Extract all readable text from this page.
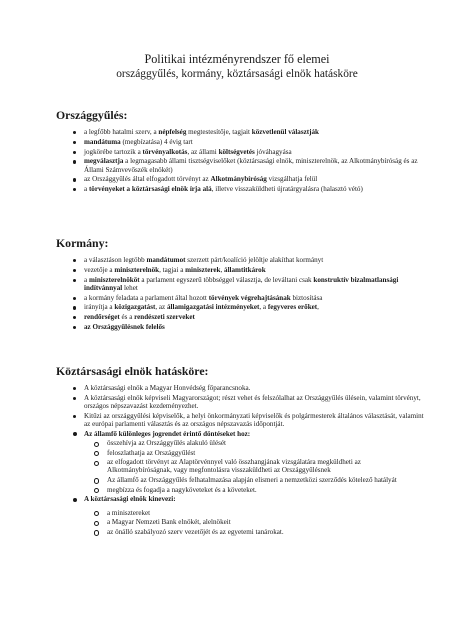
Politikai intézményrendszer fő elemei
országgyűlés, kormány, köztársasági elnök hatásköre
Országgyűlés:
a legfőbb hatalmi szerv, a népfelség megtestesítője, tagjait közvetlenül választják
mandátuma (megbízatása) 4 évig tart
jogkörébe tartozik a törvényalkotás, az állami költségvetés jóváhagyása
megválasztja a legmagasabb állami tisztségviselőket (köztársasági elnök, miniszterelnök, az Alkotmánybíróság és az Állami Számvevőszék elnökét)
az Országgyűlés által elfogadott törvényt az Alkotmánybíróság vizsgálhatja felül
a törvényeket a köztársasági elnök írja alá, illetve visszaküldheti újratárgyalásra (halasztó vétó)
Kormány:
a választáson legtöbb mandátumot szerzett párt/koalíció jelöltje alakíthat kormányt
vezetője a miniszterelnök, tagjai a miniszterek, államtitkárok
a miniszterelnököt a parlament egyszerű többséggel választja, de leváltani csak konstruktív bizalmatlansági indítvánnyal lehet
a kormány feladata a parlament által hozott törvények végrehajtásának biztosítása
irányítja a közigazgatást, az államigazgatási intézményeket, a fegyveres erőket,
rendőrséget és a rendészeti szerveket
az Országgyűlésnek felelős
Köztársasági elnök hatásköre:
A köztársasági elnök a Magyar Honvédség főparancsnoka.
A köztársasági elnök képviseli Magyarországot; részt vehet és felszólalhat az Országgyűlés ülésein, valamint törvényt, országos népszavazást kezdeményezhet.
Kitűzi az országgyűlési képviselők, a helyi önkormányzati képviselők és polgármesterek általános választását, valamint az európai parlamenti választás és az országos népszavazás időpontját.
Az államfő különleges jogrendet érintő döntéseket hoz:
összehívja az Országgyűlés alakuló ülését
feloszlathatja az Országgyűlést
az elfogadott törvényt az Alaptörvénnyel való összhangjának vizsgálatára megküldheti az Alkotmánybíróságnak, vagy megfontolásra visszaküldheti az Országgyűlésnek
Az államfő az Országgyűlés felhatalmazása alapján elismeri a nemzetközi szerződés kötelező hatályát
megbízza és fogadja a nagyköveteket és a követeket.
A köztársasági elnök kinevezi:
a minisztereket
a Magyar Nemzeti Bank elnökét, alelnökeit
az önálló szabályozó szerv vezetőjét és az egyetemi tanárokat.
